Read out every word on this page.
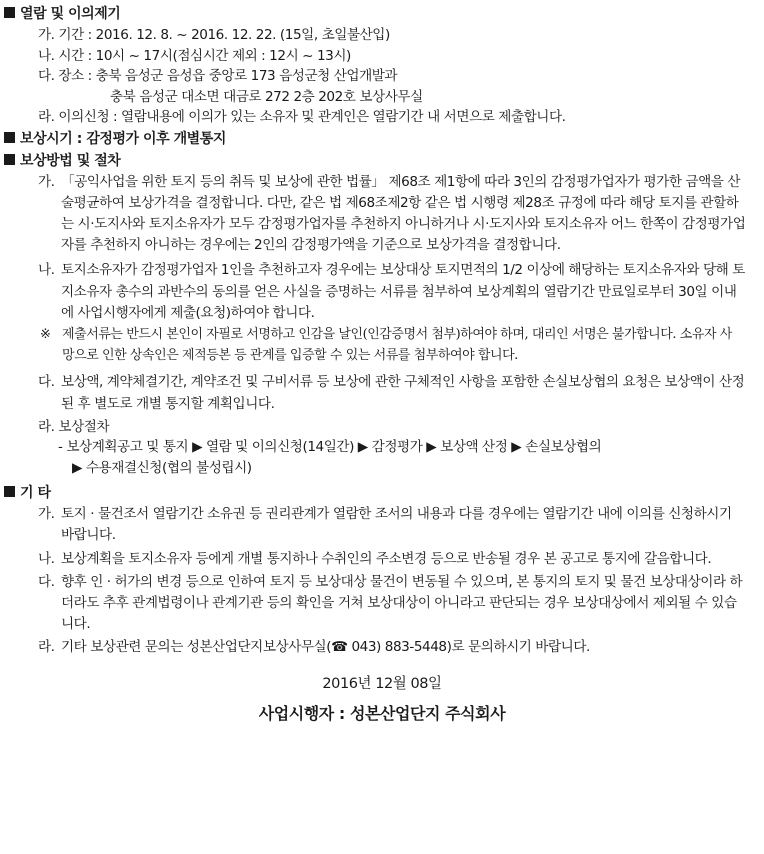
열람 및 이의제기
가. 기간 : 2016. 12. 8. ~ 2016. 12. 22. (15일, 초일불산입)
나. 시간 : 10시 ~ 17시(점심시간 제외 : 12시 ~ 13시)
다. 장소 : 충북 음성군 음성읍 중앙로 173 음성군청 산업개발과
충북 음성군 대소면 대금로 272 2층 202호 보상사무실
라. 이의신청 : 열람내용에 이의가 있는 소유자 및 관계인은 열람기간 내 서면으로 제출합니다.
보상시기 :
감정평가 이후 개별통지
보상방법 및 절차
가. 「공익사업을 위한 토지 등의 취득 및 보상에 관한 법률」 제68조 제1항에 따라 3인의 감정평가업자가 평가한 금액을 산술평균하여 보상가격을 결정합니다. 다만, 같은 법 제68조제2항 같은 법 시행령 제28조 규정에 따라 해당 토지를 관할하는 시·도지사와 토지소유자가 모두 감정평가업자를 추천하지 아니하거나 시·도지사와 토지소유자 어느 한쪽이 감정평가업자를 추천하지 아니하는 경우에는 2인의 감정평가액을 기준으로 보상가격을 결정합니다.
나. 토지소유자가 감정평가업자 1인을 추천하고자 경우에는 보상대상 토지면적의 1/2 이상에 해당하는 토지소유자와 당해 토지소유자 총수의 과반수의 동의를 얻은 사실을 증명하는 서류를 첨부하여 보상계획의 열람기간 만료일로부터 30일 이내에 사업시행자에게 제출(요청)하여야 합니다.
※ 제출서류는 반드시 본인이 자필로 서명하고 인감을 날인(인감증명서 첨부)하여야 하며, 대리인 서명은 불가합니다. 소유자 사망으로 인한 상속인은 제적등본 등 관계를 입증할 수 있는 서류를 첨부하여야 합니다.
다. 보상액, 계약체결기간, 계약조건 및 구비서류 등 보상에 관한 구체적인 사항을 포함한 손실보상협의 요청은 보상액이 산정된 후 별도로 개별 통지할 계획입니다.
라. 보상절차
- 보상계획공고 및 통지 ▶ 열람 및 이의신청(14일간) ▶ 감정평가 ▶ 보상액 산정 ▶ 손실보상협의
▶ 수용재결신청(협의 불성립시)
기 타
가. 토지 · 물건조서 열람기간 소유권 등 권리관계가 열람한 조서의 내용과 다를 경우에는 열람기간 내에 이의를 신청하시기 바랍니다.
나. 보상계획을 토지소유자 등에게 개별 통지하나 수취인의 주소변경 등으로 반송될 경우 본 공고로 통지에 갈음합니다.
다. 향후 인 · 허가의 변경 등으로 인하여 토지 등 보상대상 물건이 변동될 수 있으며, 본 통지의 토지 및 물건 보상대상이라 하더라도 추후 관계법령이나 관계기관 등의 확인을 거쳐 보상대상이 아니라고 판단되는 경우 보상대상에서 제외될 수 있습니다.
라. 기타 보상관련 문의는 성본산업단지보상사무실(☎ 043) 883-5448)로 문의하시기 바랍니다.
2016년 12월 08일
사업시행자 : 성본산업단지 주식회사
